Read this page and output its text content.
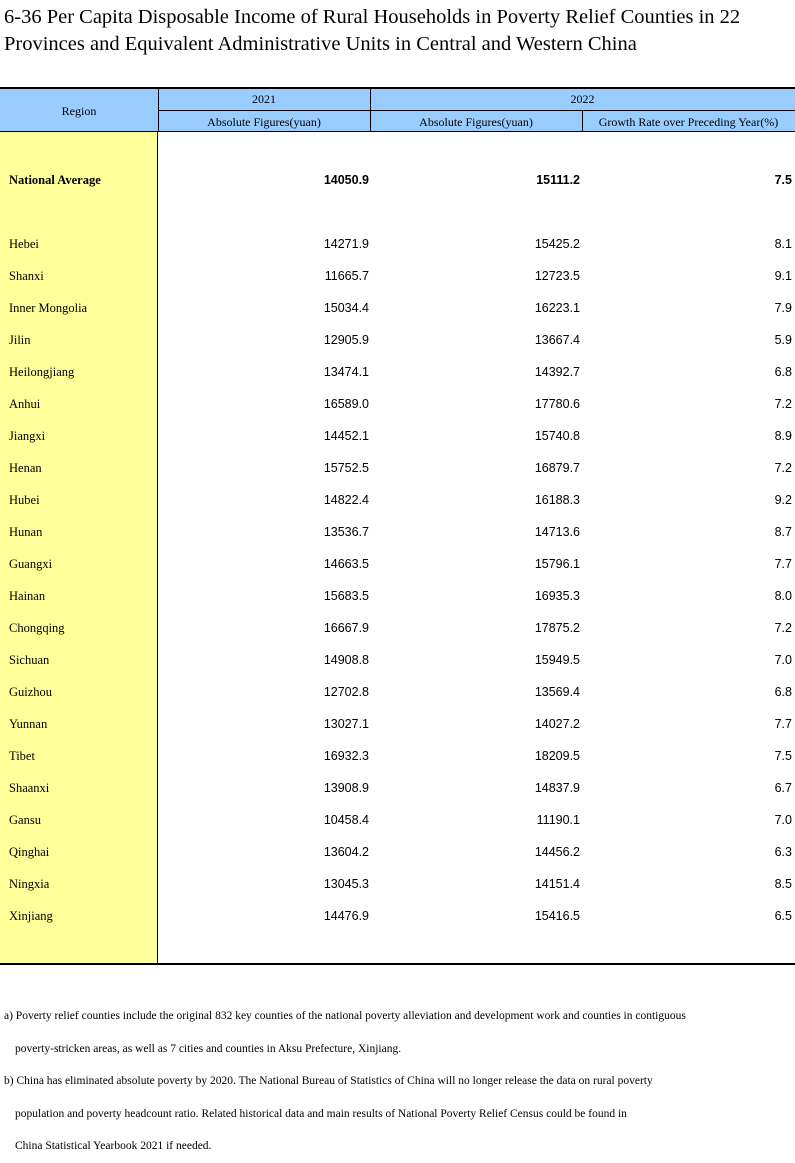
6-36 Per Capita Disposable Income of Rural Households in Poverty Relief Counties in 22
Provinces and Equivalent Administrative Units in Central and Western China
Region
2021	2022
Absolute Figures(yuan)	Absolute Figures(yuan)	Growth Rate over Preceding Year(%)
National Average	14050.9	15111.2	7.5
Hebei	14271.9	15425.2	8.1
Shanxi	11665.7	12723.5	9.1
Inner Mongolia	15034.4	16223.1	7.9
Jilin	12905.9	13667.4	5.9
Heilongjiang	13474.1	14392.7	6.8
Anhui	16589.0	17780.6	7.2
Jiangxi	14452.1	15740.8	8.9
Henan	15752.5	16879.7	7.2
Hubei	14822.4	16188.3	9.2
Hunan	13536.7	14713.6	8.7
Guangxi	14663.5	15796.1	7.7
Hainan	15683.5	16935.3	8.0
Chongqing	16667.9	17875.2	7.2
Sichuan	14908.8	15949.5	7.0
Guizhou	12702.8	13569.4	6.8
Yunnan	13027.1	14027.2	7.7
Tibet	16932.3	18209.5	7.5
Shaanxi	13908.9	14837.9	6.7
Gansu	10458.4	11190.1	7.0
Qinghai	13604.2	14456.2	6.3
Ningxia	13045.3	14151.4	8.5
Xinjiang	14476.9	15416.5	6.5

a) Poverty relief counties include the original 832 key counties of the national poverty alleviation and development work and counties in contiguous

poverty-stricken areas, as well as 7 cities and counties in Aksu Prefecture, Xinjiang.

b) China has eliminated absolute poverty by 2020. The National Bureau of Statistics of China will no longer release the data on rural poverty

population and poverty headcount ratio. Related historical data and main results of National Poverty Relief Census could be found in

China Statistical Yearbook 2021 if needed.
